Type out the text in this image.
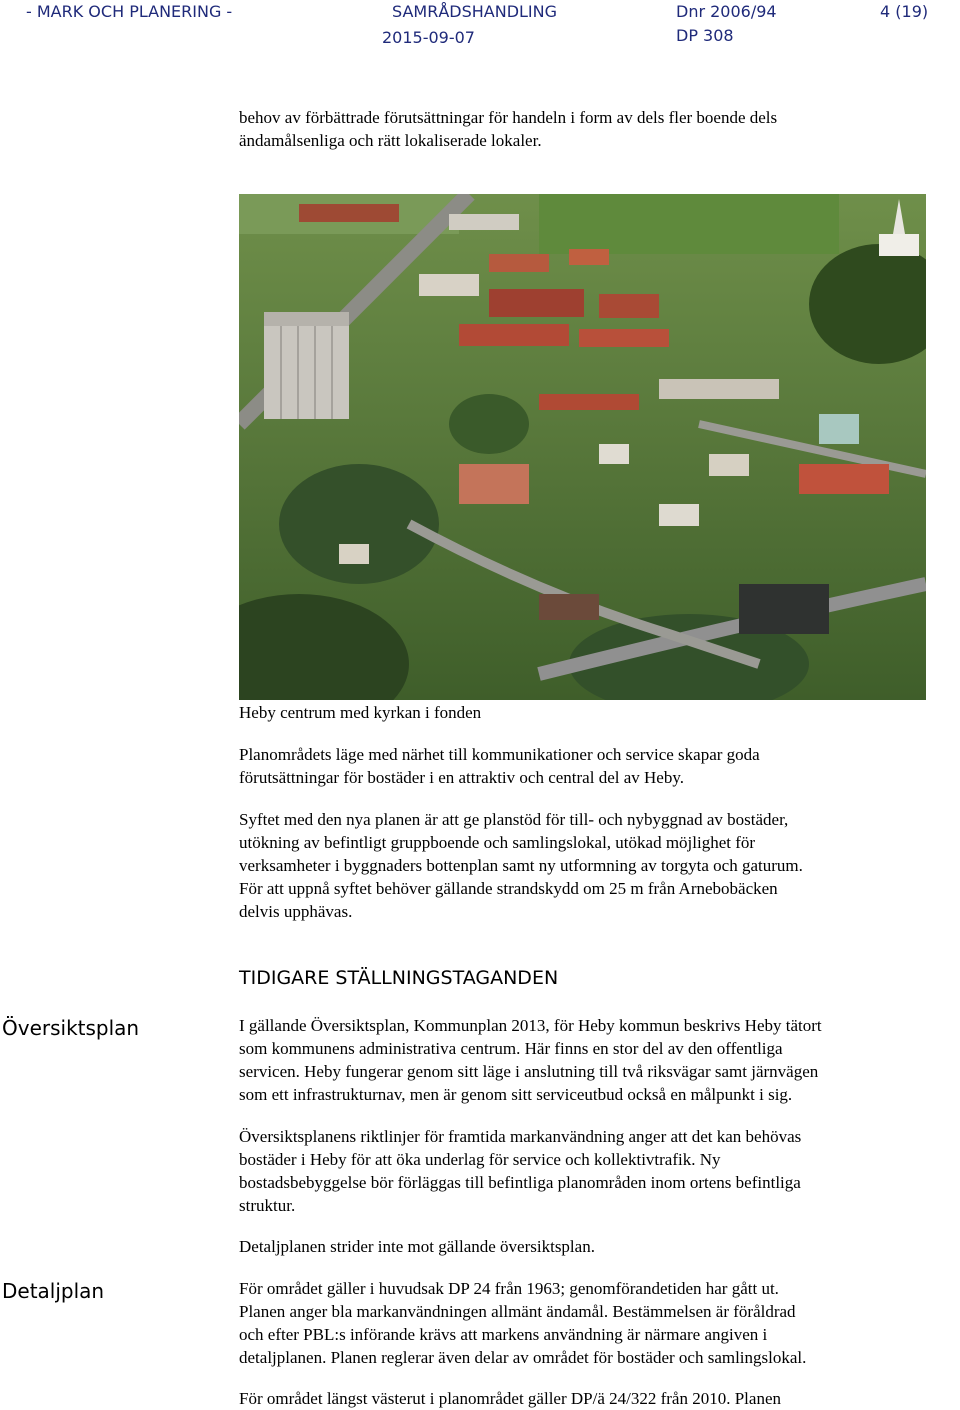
- MARK OCH PLANERING -	SAMRÅDSHANDLING
2015-09-07
Dnr 2006/94
DP 308
4 (19)
behov av förbättrade förutsättningar för handeln i form av dels fler boende dels
ändamålsenliga och rätt lokaliserade lokaler.
Heby centrum med kyrkan i fonden
Planområdets läge med närhet till kommunikationer och service skapar goda
förutsättningar för bostäder i en attraktiv och central del av Heby.
Syftet med den nya planen är att ge planstöd för till- och nybyggnad av bostäder,
utökning av befintligt gruppboende och samlingslokal, utökad möjlighet för
verksamheter i byggnaders bottenplan samt ny utformning av torgyta och gaturum.
För att uppnå syftet behöver gällande strandskydd om 25 m från Arnebobäcken
delvis upphävas.
TIDIGARE STÄLLNINGSTAGANDEN
Översiktsplan	I gällande Översiktsplan, Kommunplan 2013, för Heby kommun beskrivs Heby tätort
som kommunens administrativa centrum. Här finns en stor del av den offentliga
servicen. Heby fungerar genom sitt läge i anslutning till två riksvägar samt järnvägen
som ett infrastrukturnav, men är genom sitt serviceutbud också en målpunkt i sig.
Översiktsplanens riktlinjer för framtida markanvändning anger att det kan behövas
bostäder i Heby för att öka underlag för service och kollektivtrafik. Ny
bostadsbebyggelse bör förläggas till befintliga planområden inom ortens befintliga
struktur.
Detaljplanen strider inte mot gällande översiktsplan.
Detaljplan	För området gäller i huvudsak DP 24 från 1963; genomförandetiden har gått ut.
Planen anger bla markanvändningen allmänt ändamål. Bestämmelsen är föråldrad
och efter PBL:s införande krävs att markens användning är närmare angiven i
detaljplanen. Planen reglerar även delar av området för bostäder och samlingslokal.
För området längst västerut i planområdet gäller DP/ä 24/322 från 2010. Planen
